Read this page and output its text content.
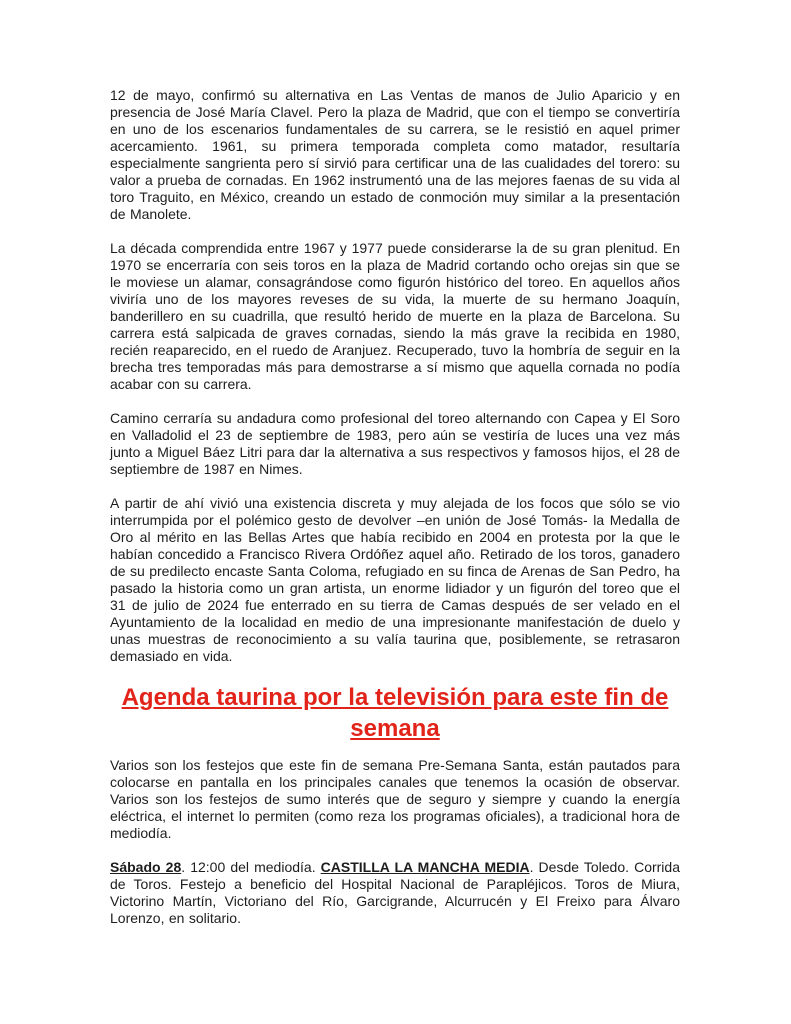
12 de mayo, confirmó su alternativa en Las Ventas de manos de Julio Aparicio y en presencia de José María Clavel. Pero la plaza de Madrid, que con el tiempo se convertiría en uno de los escenarios fundamentales de su carrera, se le resistió en aquel primer acercamiento. 1961, su primera temporada completa como matador, resultaría especialmente sangrienta pero sí sirvió para certificar una de las cualidades del torero: su valor a prueba de cornadas. En 1962 instrumentó una de las mejores faenas de su vida al toro Traguito, en México, creando un estado de conmoción muy similar a la presentación de Manolete.

La década comprendida entre 1967 y 1977 puede considerarse la de su gran plenitud. En 1970 se encerraría con seis toros en la plaza de Madrid cortando ocho orejas sin que se le moviese un alamar, consagrándose como figurón histórico del toreo. En aquellos años viviría uno de los mayores reveses de su vida, la muerte de su hermano Joaquín, banderillero en su cuadrilla, que resultó herido de muerte en la plaza de Barcelona. Su carrera está salpicada de graves cornadas, siendo la más grave la recibida en 1980, recién reaparecido, en el ruedo de Aranjuez. Recuperado, tuvo la hombría de seguir en la brecha tres temporadas más para demostrarse a sí mismo que aquella cornada no podía acabar con su carrera.

Camino cerraría su andadura como profesional del toreo alternando con Capea y El Soro en Valladolid el 23 de septiembre de 1983, pero aún se vestiría de luces una vez más junto a Miguel Báez Litri para dar la alternativa a sus respectivos y famosos hijos, el 28 de septiembre de 1987 en Nimes.

A partir de ahí vivió una existencia discreta y muy alejada de los focos que sólo se vio interrumpida por el polémico gesto de devolver –en unión de José Tomás- la Medalla de Oro al mérito en las Bellas Artes que había recibido en 2004 en protesta por la que le habían concedido a Francisco Rivera Ordóñez aquel año. Retirado de los toros, ganadero de su predilecto encaste Santa Coloma, refugiado en su finca de Arenas de San Pedro, ha pasado la historia como un gran artista, un enorme lidiador y un figurón del toreo que el 31 de julio de 2024 fue enterrado en su tierra de Camas después de ser velado en el Ayuntamiento de la localidad en medio de una impresionante manifestación de duelo y unas muestras de reconocimiento a su valía taurina que, posiblemente, se retrasaron demasiado en vida.

Agenda taurina por la televisión para este fin de semana

Varios son los festejos que este fin de semana Pre-Semana Santa, están pautados para colocarse en pantalla en los principales canales que tenemos la ocasión de observar. Varios son los festejos de sumo interés que de seguro y siempre y cuando la energía eléctrica, el internet lo permiten (como reza los programas oficiales), a tradicional hora de mediodía.

Sábado 28. 12:00 del mediodía. CASTILLA LA MANCHA MEDIA. Desde Toledo. Corrida de Toros. Festejo a beneficio del Hospital Nacional de Parapléjicos. Toros de Miura, Victorino Martín, Victoriano del Río, Garcigrande, Alcurrucén y El Freixo para Álvaro Lorenzo, en solitario.
